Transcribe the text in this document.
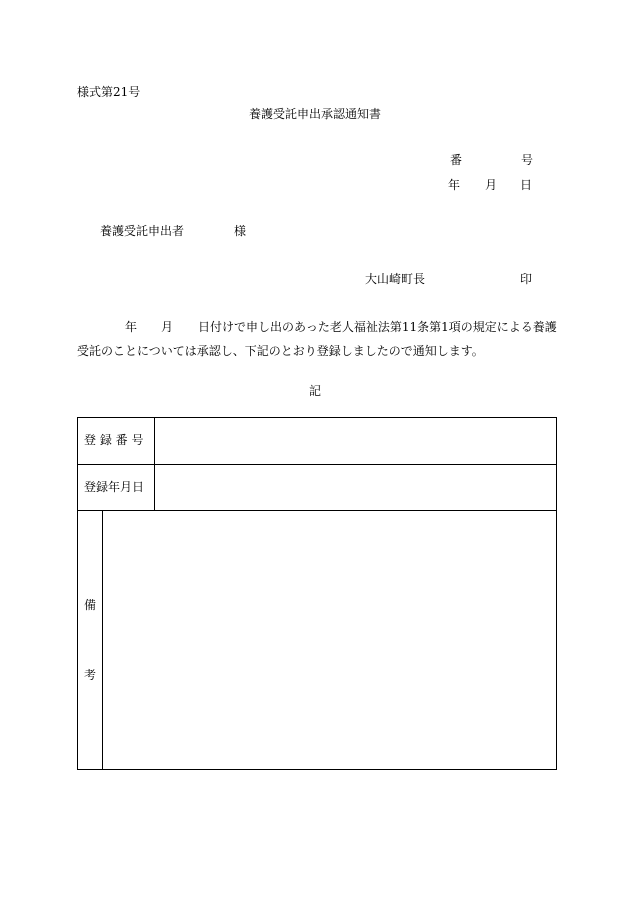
様式第21号
養護受託申出承認通知書
番	号
年 月 日
養護受託申出者	様
大山崎町長	印
年 月 日付けで申し出のあった老人福祉法第11条第1項の規定による養護
受託のことについては承認し、下記のとおり登録しましたので通知します。
記
登 録 番 号
登録年月日
備
考
